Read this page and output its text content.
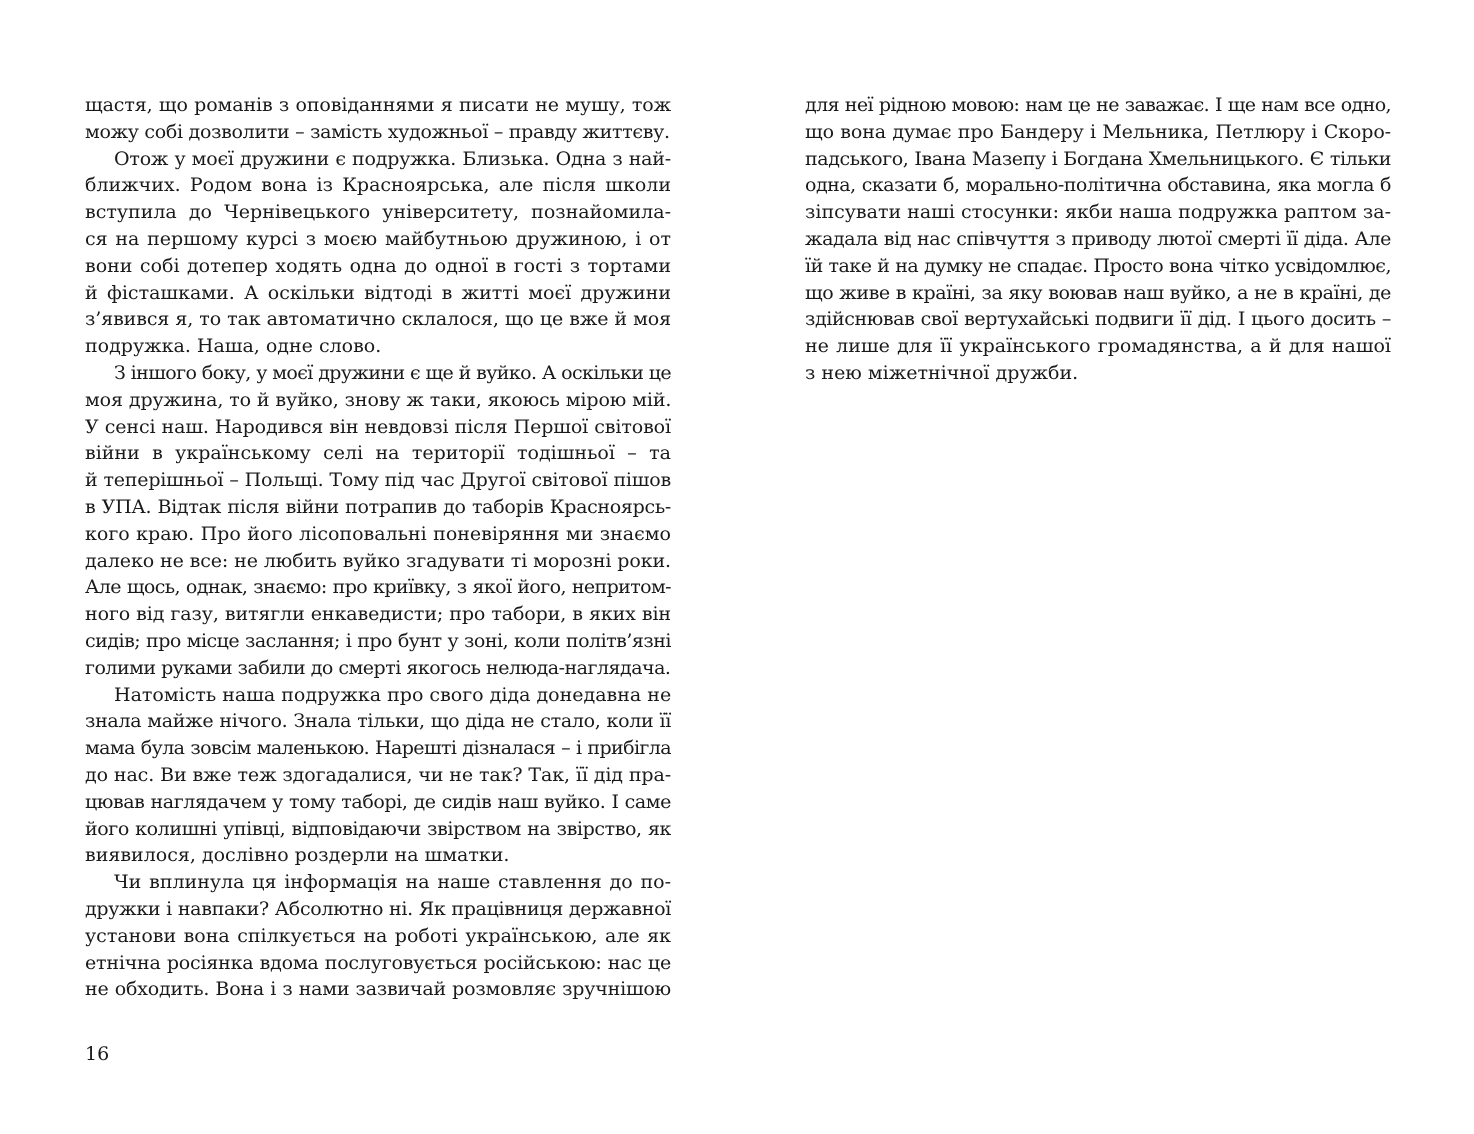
щастя, що романів з оповіданнями я писати не мушу, тож
можу собі дозволити – замість художньої – правду життєву.
Отож у моєї дружини є подружка. Близька. Одна з най-
ближчих. Родом вона із Красноярська, але після школи
вступила до Чернівецького університету, познайомила-
ся на першому курсі з моєю майбутньою дружиною, і от
вони собі дотепер ходять одна до одної в гості з тортами
й фісташками. А оскільки відтоді в житті моєї дружини
з’явився я, то так автоматично склалося, що це вже й моя
подружка. Наша, одне слово.
З іншого боку, у моєї дружини є ще й вуйко. А оскільки це
моя дружина, то й вуйко, знову ж таки, якоюсь мірою мій.
У сенсі наш. Народився він невдовзі після Першої світової
війни в українському селі на території тодішньої – та
й теперішньої – Польщі. Тому під час Другої світової пішов
в УПА. Відтак після війни потрапив до таборів Красноярсь-
кого краю. Про його лісоповальні поневіряння ми знаємо
далеко не все: не любить вуйко згадувати ті морозні роки.
Але щось, однак, знаємо: про криївку, з якої його, непритом-
ного від газу, витягли енкаведисти; про табори, в яких він
сидів; про місце заслання; і про бунт у зоні, коли політв’язні
голими руками забили до смерті якогось нелюда-наглядача.
Натомість наша подружка про свого діда донедавна не
знала майже нічого. Знала тільки, що діда не стало, коли її
мама була зовсім маленькою. Нарешті дізналася – і прибігла
до нас. Ви вже теж здогадалися, чи не так? Так, її дід пра-
цював наглядачем у тому таборі, де сидів наш вуйко. І саме
його колишні упівці, відповідаючи звірством на звірство, як
виявилося, дослівно роздерли на шматки.
Чи вплинула ця інформація на наше ставлення до по-
дружки і навпаки? Абсолютно ні. Як працівниця державної
установи вона спілкується на роботі українською, але як
етнічна росіянка вдома послуговується російською: нас це
не обходить. Вона і з нами зазвичай розмовляє зручнішою
16
для неї рідною мовою: нам це не заважає. І ще нам все одно,
що вона думає про Бандеру і Мельника, Петлюру і Скоро-
падського, Івана Мазепу і Богдана Хмельницького. Є тільки
одна, сказати б, морально-політична обставина, яка могла б
зіпсувати наші стосунки: якби наша подружка раптом за-
жадала від нас співчуття з приводу лютої смерті її діда. Але
їй таке й на думку не спадає. Просто вона чітко усвідомлює,
що живе в країні, за яку воював наш вуйко, а не в країні, де
здійснював свої вертухайські подвиги її дід. І цього досить –
не лише для її українського громадянства, а й для нашої
з нею міжетнічної дружби.
